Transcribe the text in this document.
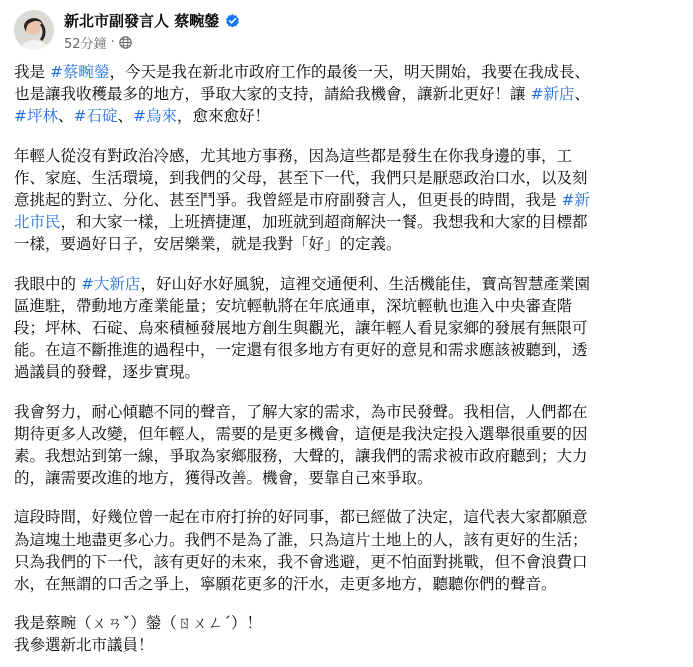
新北市副發言人 蔡畹鎣
52分鐘 ·

我是 #蔡畹鎣，今天是我在新北市政府工作的最後一天，明天開始，我要在我成長、
也是讓我收穫最多的地方，爭取大家的支持，請給我機會，讓新北更好！讓 #新店、
#坪林、#石碇、#烏來，愈來愈好！

年輕人從沒有對政治冷感，尤其地方事務，因為這些都是發生在你我身邊的事，工
作、家庭、生活環境，到我們的父母，甚至下一代，我們只是厭惡政治口水，以及刻
意挑起的對立、分化、甚至鬥爭。我曾經是市府副發言人，但更長的時間，我是 #新
北市民，和大家一樣，上班擠捷運，加班就到超商解決一餐。我想我和大家的目標都
一樣，要過好日子，安居樂業，就是我對「好」的定義。

我眼中的 #大新店，好山好水好風貌，這裡交通便利、生活機能佳，寶高智慧產業園
區進駐，帶動地方產業能量；安坑輕軌將在年底通車，深坑輕軌也進入中央審查階
段；坪林、石碇、烏來積極發展地方創生與觀光，讓年輕人看見家鄉的發展有無限可
能。在這不斷推進的過程中，一定還有很多地方有更好的意見和需求應該被聽到，透
過議員的發聲，逐步實現。

我會努力，耐心傾聽不同的聲音，了解大家的需求，為市民發聲。我相信，人們都在
期待更多人改變，但年輕人，需要的是更多機會，這便是我決定投入選舉很重要的因
素。我想站到第一線，爭取為家鄉服務，大聲的，讓我們的需求被市政府聽到；大力
的，讓需要改進的地方，獲得改善。機會，要靠自己來爭取。

這段時間，好幾位曾一起在市府打拚的好同事，都已經做了決定，這代表大家都願意
為這塊土地盡更多心力。我們不是為了誰，只為這片土地上的人，該有更好的生活；
只為我們的下一代，該有更好的未來，我不會逃避，更不怕面對挑戰，但不會浪費口
水，在無謂的口舌之爭上，寧願花更多的汗水，走更多地方，聽聽你們的聲音。

我是蔡畹（ㄨㄢˇ）鎣（ㄖㄨㄥˊ）！
我參選新北市議員！
